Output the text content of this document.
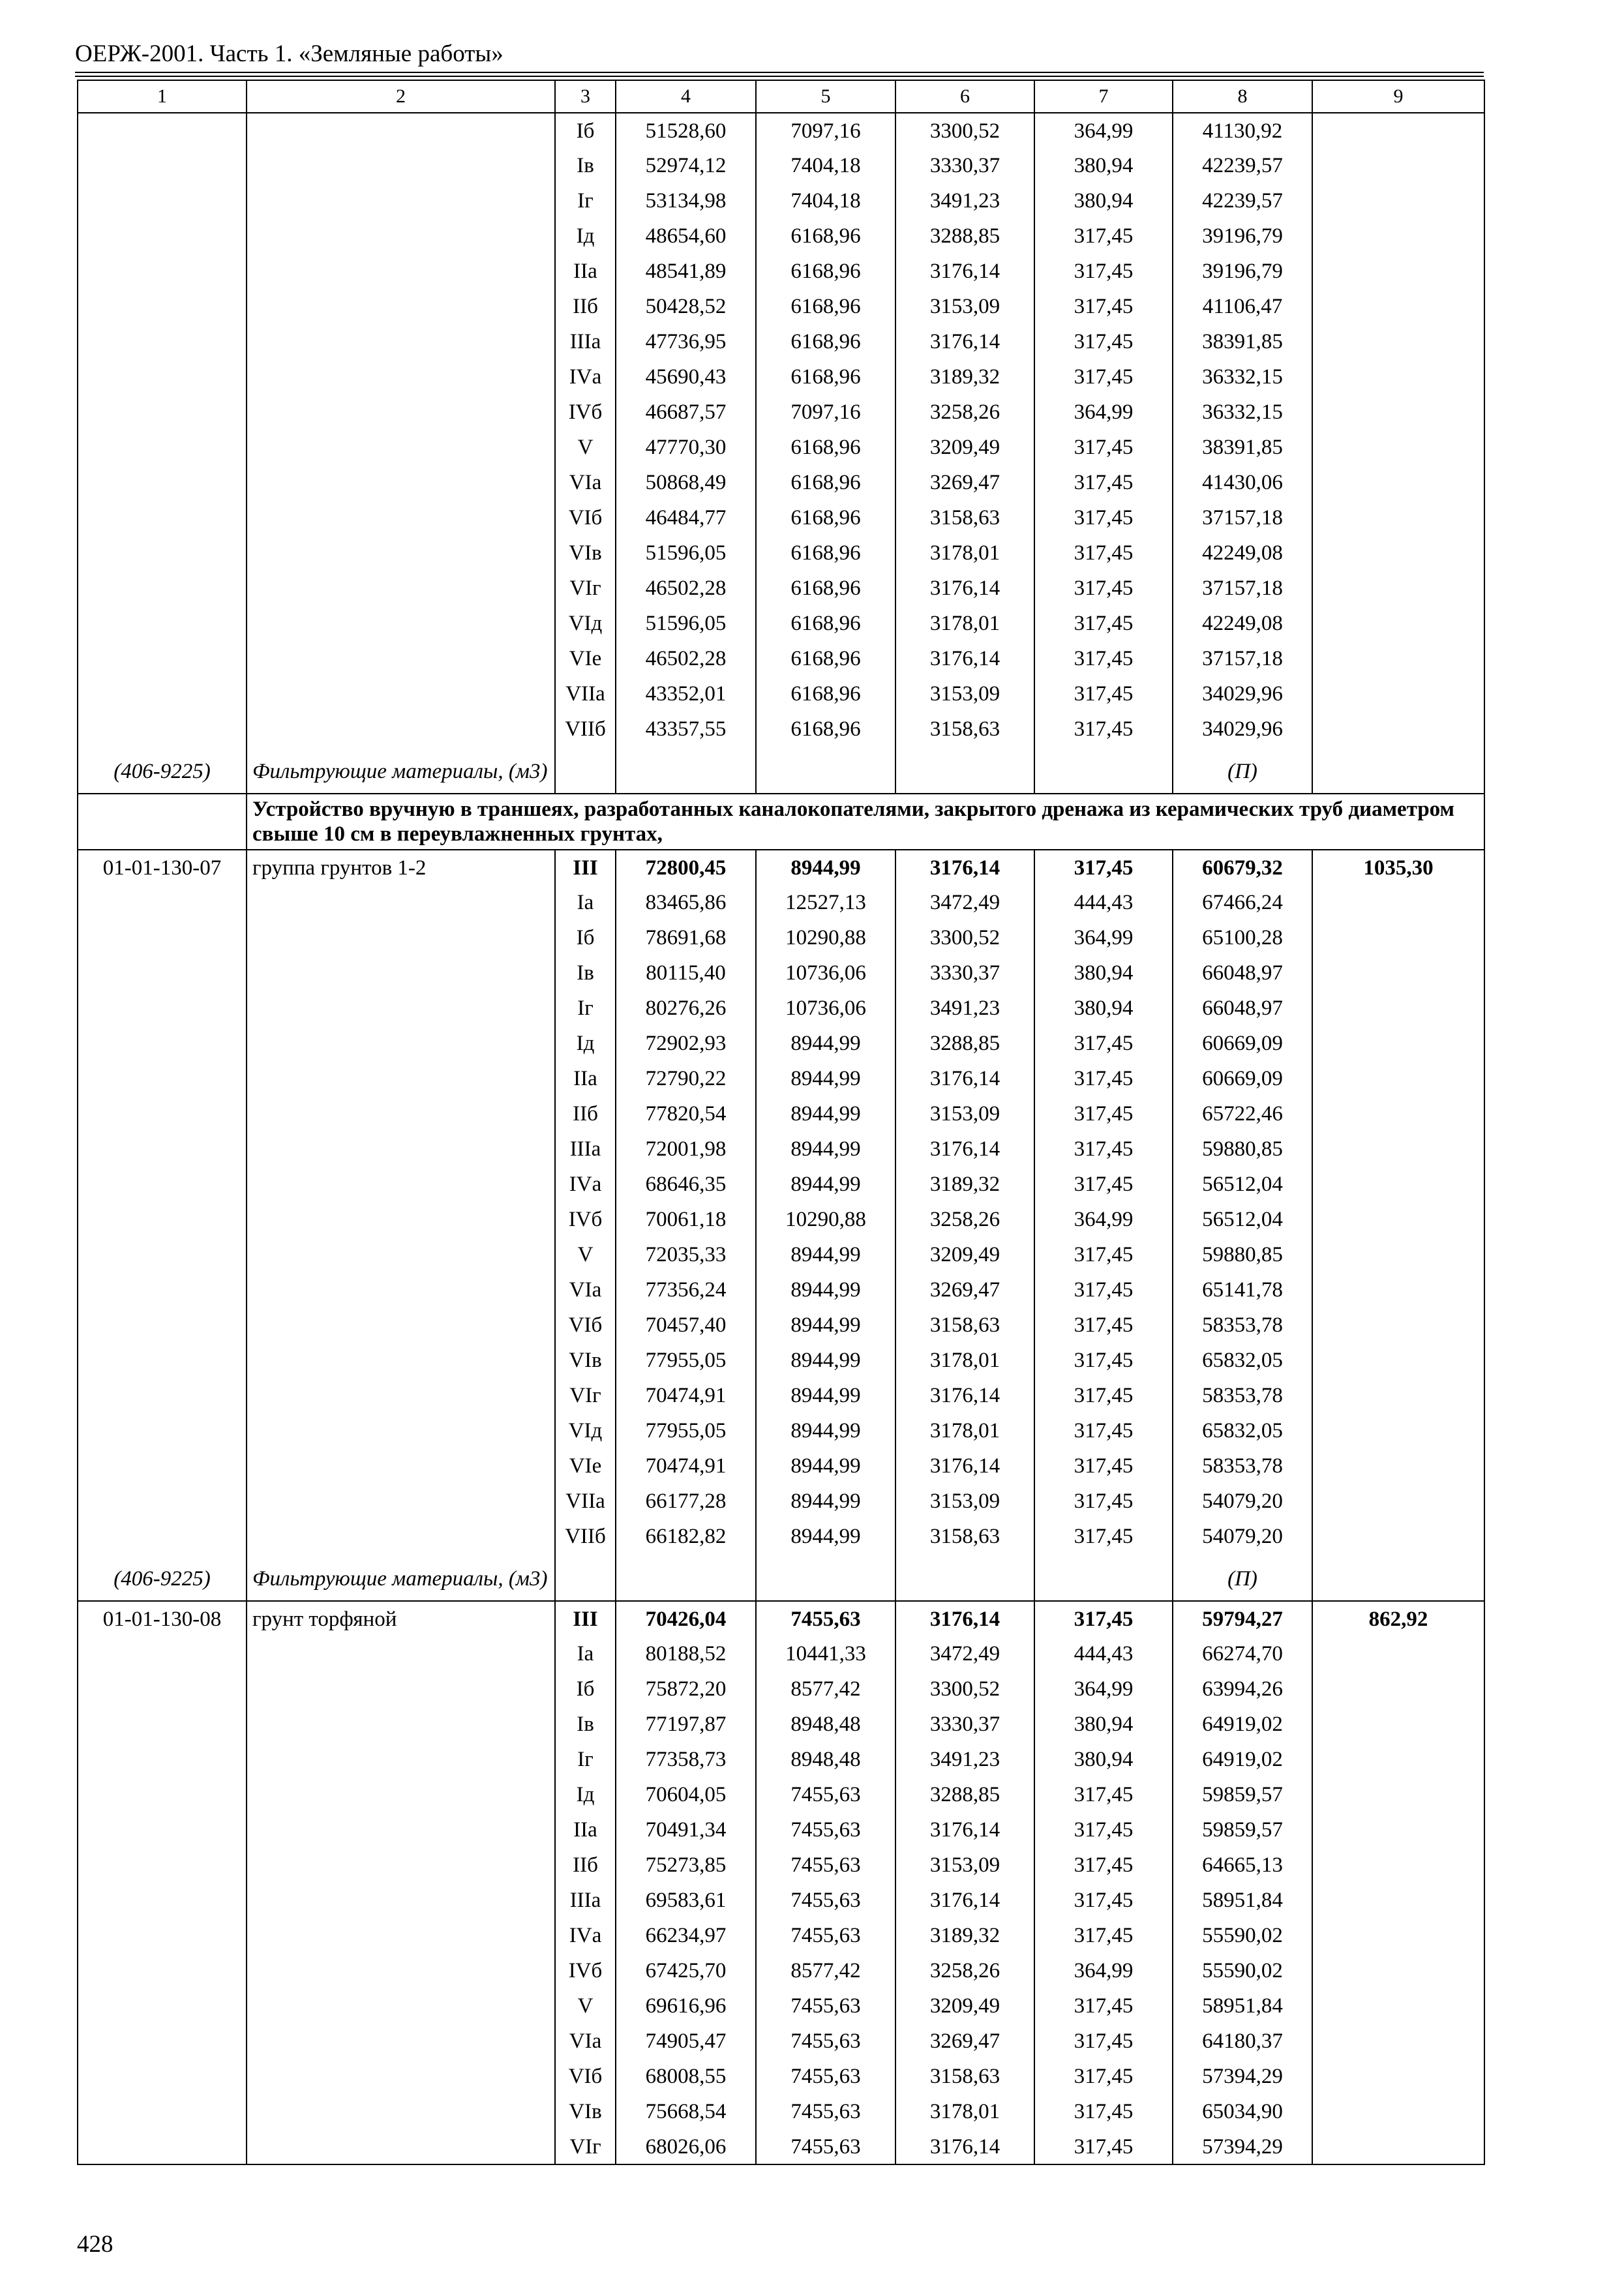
ОЕРЖ-2001. Часть 1. «Земляные работы»
1	2	3	4	5	6	7	8	9
		Iб	51528,60	7097,16	3300,52	364,99	41130,92	
		Iв	52974,12	7404,18	3330,37	380,94	42239,57	
		Iг	53134,98	7404,18	3491,23	380,94	42239,57	
		Iд	48654,60	6168,96	3288,85	317,45	39196,79	
		IIа	48541,89	6168,96	3176,14	317,45	39196,79	
		IIб	50428,52	6168,96	3153,09	317,45	41106,47	
		IIIа	47736,95	6168,96	3176,14	317,45	38391,85	
		IVа	45690,43	6168,96	3189,32	317,45	36332,15	
		IVб	46687,57	7097,16	3258,26	364,99	36332,15	
		V	47770,30	6168,96	3209,49	317,45	38391,85	
		VIа	50868,49	6168,96	3269,47	317,45	41430,06	
		VIб	46484,77	6168,96	3158,63	317,45	37157,18	
		VIв	51596,05	6168,96	3178,01	317,45	42249,08	
		VIг	46502,28	6168,96	3176,14	317,45	37157,18	
		VIд	51596,05	6168,96	3178,01	317,45	42249,08	
		VIе	46502,28	6168,96	3176,14	317,45	37157,18	
		VIIа	43352,01	6168,96	3153,09	317,45	34029,96	
		VIIб	43357,55	6168,96	3158,63	317,45	34029,96	
(406-9225)	Фильтрующие материалы, (м3)						(П)	
	Устройство вручную в траншеях, разработанных каналокопателями, закрытого дренажа из керамических труб диаметром свыше 10 см в переувлажненных грунтах,							
01-01-130-07	группа грунтов 1-2	III	72800,45	8944,99	3176,14	317,45	60679,32	1035,30
		Iа	83465,86	12527,13	3472,49	444,43	67466,24	
		Iб	78691,68	10290,88	3300,52	364,99	65100,28	
		Iв	80115,40	10736,06	3330,37	380,94	66048,97	
		Iг	80276,26	10736,06	3491,23	380,94	66048,97	
		Iд	72902,93	8944,99	3288,85	317,45	60669,09	
		IIа	72790,22	8944,99	3176,14	317,45	60669,09	
		IIб	77820,54	8944,99	3153,09	317,45	65722,46	
		IIIа	72001,98	8944,99	3176,14	317,45	59880,85	
		IVа	68646,35	8944,99	3189,32	317,45	56512,04	
		IVб	70061,18	10290,88	3258,26	364,99	56512,04	
		V	72035,33	8944,99	3209,49	317,45	59880,85	
		VIа	77356,24	8944,99	3269,47	317,45	65141,78	
		VIб	70457,40	8944,99	3158,63	317,45	58353,78	
		VIв	77955,05	8944,99	3178,01	317,45	65832,05	
		VIг	70474,91	8944,99	3176,14	317,45	58353,78	
		VIд	77955,05	8944,99	3178,01	317,45	65832,05	
		VIе	70474,91	8944,99	3176,14	317,45	58353,78	
		VIIа	66177,28	8944,99	3153,09	317,45	54079,20	
		VIIб	66182,82	8944,99	3158,63	317,45	54079,20	
(406-9225)	Фильтрующие материалы, (м3)						(П)	
01-01-130-08	грунт торфяной	III	70426,04	7455,63	3176,14	317,45	59794,27	862,92
		Iа	80188,52	10441,33	3472,49	444,43	66274,70	
		Iб	75872,20	8577,42	3300,52	364,99	63994,26	
		Iв	77197,87	8948,48	3330,37	380,94	64919,02	
		Iг	77358,73	8948,48	3491,23	380,94	64919,02	
		Iд	70604,05	7455,63	3288,85	317,45	59859,57	
		IIа	70491,34	7455,63	3176,14	317,45	59859,57	
		IIб	75273,85	7455,63	3153,09	317,45	64665,13	
		IIIа	69583,61	7455,63	3176,14	317,45	58951,84	
		IVа	66234,97	7455,63	3189,32	317,45	55590,02	
		IVб	67425,70	8577,42	3258,26	364,99	55590,02	
		V	69616,96	7455,63	3209,49	317,45	58951,84	
		VIа	74905,47	7455,63	3269,47	317,45	64180,37	
		VIб	68008,55	7455,63	3158,63	317,45	57394,29	
		VIв	75668,54	7455,63	3178,01	317,45	65034,90	
		VIг	68026,06	7455,63	3176,14	317,45	57394,29	
428
